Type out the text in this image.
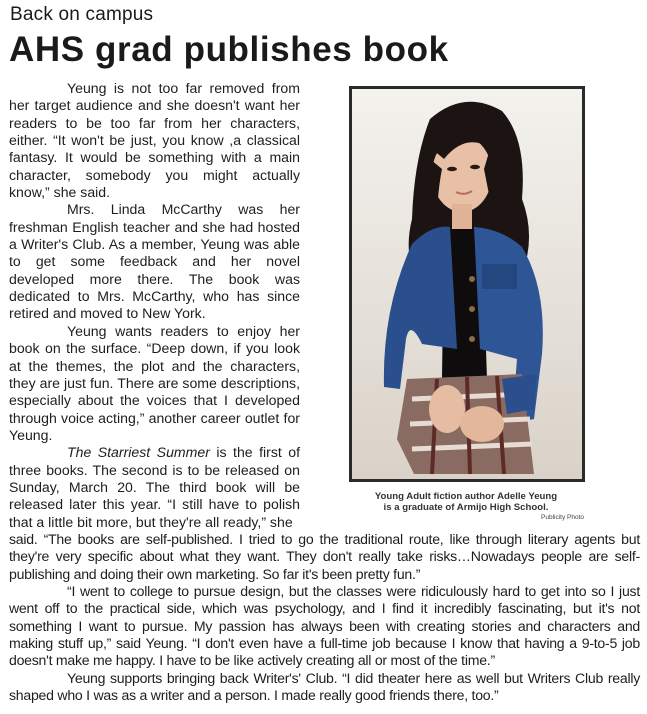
Back on campus
AHS grad publishes book

Yeung is not too far removed from her target audience and she doesn't want her readers to be too far from her characters, either. “It won't be just, you know ,a classical fantasy. It would be something with a main character, somebody you might actually know,” she said.

Mrs. Linda McCarthy was her freshman English teacher and she had hosted a Writer's Club. As a member, Yeung was able to get some feedback and her novel developed more there. The book was dedicated to Mrs. McCarthy, who has since retired and moved to New York.

Yeung wants readers to enjoy her book on the surface. “Deep down, if you look at the themes, the plot and the characters, they are just fun. There are some descriptions, especially about the voices that I developed through voice acting,” another career outlet for Yeung.

The Starriest Summer is the first of three books. The second is to be released on Sunday, March 20. The third book will be released later this year. “I still have to polish that a little bit more, but they're all ready,” she

Young Adult fiction author Adelle Yeung
is a graduate of Armijo High School.
Publicity Photo

said. “The books are self-published. I tried to go the traditional route, like through literary agents but they're very specific about what they want. They don't really take risks…Nowadays people are self-publishing and doing their own marketing. So far it's been pretty fun.”

“I went to college to pursue design, but the classes were ridiculously hard to get into so I just went off to the practical side, which was psychology, and I find it incredibly fascinating, but it's not something I want to pursue. My passion has always been with creating stories and characters and making stuff up,” said Yeung. “I don't even have a full-time job because I know that having a 9-to-5 job doesn't make me happy. I have to be like actively creating all or most of the time.”

Yeung supports bringing back Writer's' Club. “I did theater here as well but Writers Club really shaped who I was as a writer and a person. I made really good friends there, too.”
